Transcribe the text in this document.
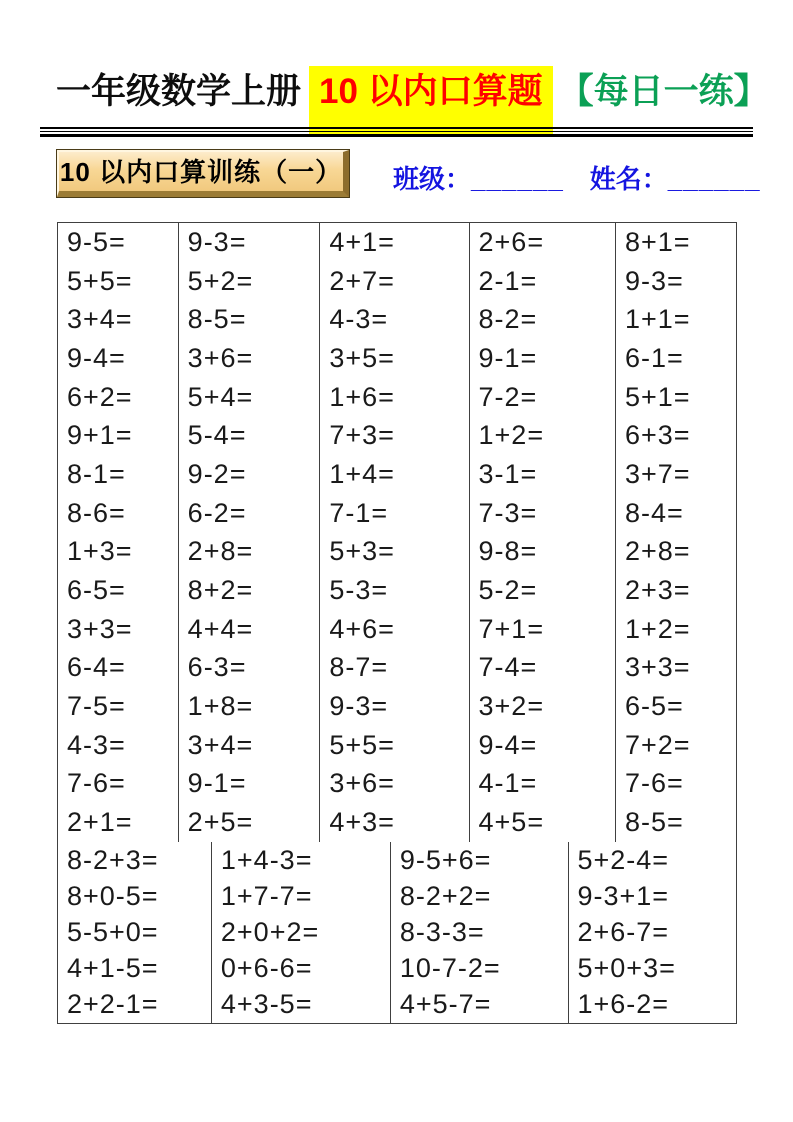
一年级数学上册 10 以内口算题 【每日一练】
10 以内口算训练（一） 班级：______ 姓名：______
9-5=
5+5=
3+4=
9-4=
6+2=
9+1=
8-1=
8-6=
1+3=
6-5=
3+3=
6-4=
7-5=
4-3=
7-6=
2+1=
9-3=
5+2=
8-5=
3+6=
5+4=
5-4=
9-2=
6-2=
2+8=
8+2=
4+4=
6-3=
1+8=
3+4=
9-1=
2+5=
4+1=
2+7=
4-3=
3+5=
1+6=
7+3=
1+4=
7-1=
5+3=
5-3=
4+6=
8-7=
9-3=
5+5=
3+6=
4+3=
2+6=
2-1=
8-2=
9-1=
7-2=
1+2=
3-1=
7-3=
9-8=
5-2=
7+1=
7-4=
3+2=
9-4=
4-1=
4+5=
8+1=
9-3=
1+1=
6-1=
5+1=
6+3=
3+7=
8-4=
2+8=
2+3=
1+2=
3+3=
6-5=
7+2=
7-6=
8-5=
8-2+3=
8+0-5=
5-5+0=
4+1-5=
2+2-1=
1+4-3=
1+7-7=
2+0+2=
0+6-6=
4+3-5=
9-5+6=
8-2+2=
8-3-3=
10-7-2=
4+5-7=
5+2-4=
9-3+1=
2+6-7=
5+0+3=
1+6-2=
